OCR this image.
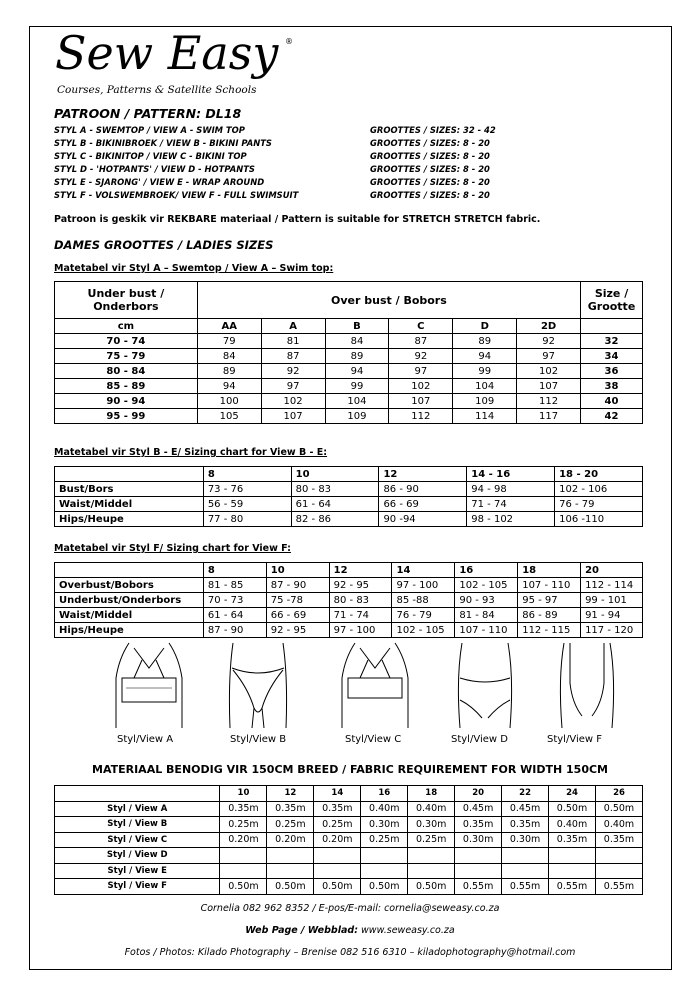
Sew Easy ®
Courses, Patterns & Satellite Schools
PATROON / PATTERN: DL18
STYL A - SWEMTOP / VIEW A - SWIM TOP	GROOTTES / SIZES: 32 - 42
STYL B - BIKINIBROEK / VIEW B - BIKINI PANTS	GROOTTES / SIZES: 8 - 20
STYL C - BIKINITOP / VIEW C - BIKINI TOP	GROOTTES / SIZES: 8 - 20
STYL D - 'HOTPANTS' / VIEW D - HOTPANTS	GROOTTES / SIZES: 8 - 20
STYL E - SJARONG' / VIEW E - WRAP AROUND	GROOTTES / SIZES: 8 - 20
STYL F - VOLSWEMBROEK/ VIEW F - FULL SWIMSUIT	GROOTTES / SIZES: 8 - 20
Patroon is geskik vir REKBARE materiaal / Pattern is suitable for STRETCH STRETCH fabric.
DAMES GROOTTES / LADIES SIZES
Matetabel vir Styl A – Swemtop / View A – Swim top:
Under bust / Onderbors	Over bust / Bobors						Size / Grootte
cm	AA	A	B	C	D	2D	
70 - 74	79	81	84	87	89	92	32
75 - 79	84	87	89	92	94	97	34
80 - 84	89	92	94	97	99	102	36
85 - 89	94	97	99	102	104	107	38
90 - 94	100	102	104	107	109	112	40
95 - 99	105	107	109	112	114	117	42
Matetabel vir Styl B - E/ Sizing chart for View B - E:
	8	10	12	14 - 16	18 - 20
Bust/Bors	73 - 76	80 - 83	86 - 90	94 - 98	102 - 106
Waist/Middel	56 - 59	61 - 64	66 - 69	71 - 74	76 - 79
Hips/Heupe	77 - 80	82 - 86	90 -94	98 - 102	106 -110
Matetabel vir Styl F/ Sizing chart for View F:
	8	10	12	14	16	18	20
Overbust/Bobors	81 - 85	87 - 90	92 - 95	97 - 100	102 - 105	107 - 110	112 - 114
Underbust/Onderbors	70 - 73	75 -78	80 - 83	85 -88	90 - 93	95 - 97	99 - 101
Waist/Middel	61 - 64	66 - 69	71 - 74	76 - 79	81 - 84	86 - 89	91 - 94
Hips/Heupe	87 - 90	92 - 95	97 - 100	102 - 105	107 - 110	112 - 115	117 - 120
Styl/View A	Styl/View B	Styl/View C	Styl/View D	Styl/View F
MATERIAAL BENODIG VIR 150CM BREED / FABRIC REQUIREMENT FOR WIDTH 150CM
	10	12	14	16	18	20	22	24	26
Styl / View A	0.35m	0.35m	0.35m	0.40m	0.40m	0.45m	0.45m	0.50m	0.50m
Styl / View B	0.25m	0.25m	0.25m	0.30m	0.30m	0.35m	0.35m	0.40m	0.40m
Styl / View C	0.20m	0.20m	0.20m	0.25m	0.25m	0.30m	0.30m	0.35m	0.35m
Styl / View D									
Styl / View E									
Styl / View F	0.50m	0.50m	0.50m	0.50m	0.50m	0.55m	0.55m	0.55m	0.55m
Cornelia 082 962 8352 / E-pos/E-mail: cornelia@seweasy.co.za
Web Page / Webblad: www.seweasy.co.za
Fotos / Photos: Kilado Photography – Brenise 082 516 6310 – kiladophotography@hotmail.com
